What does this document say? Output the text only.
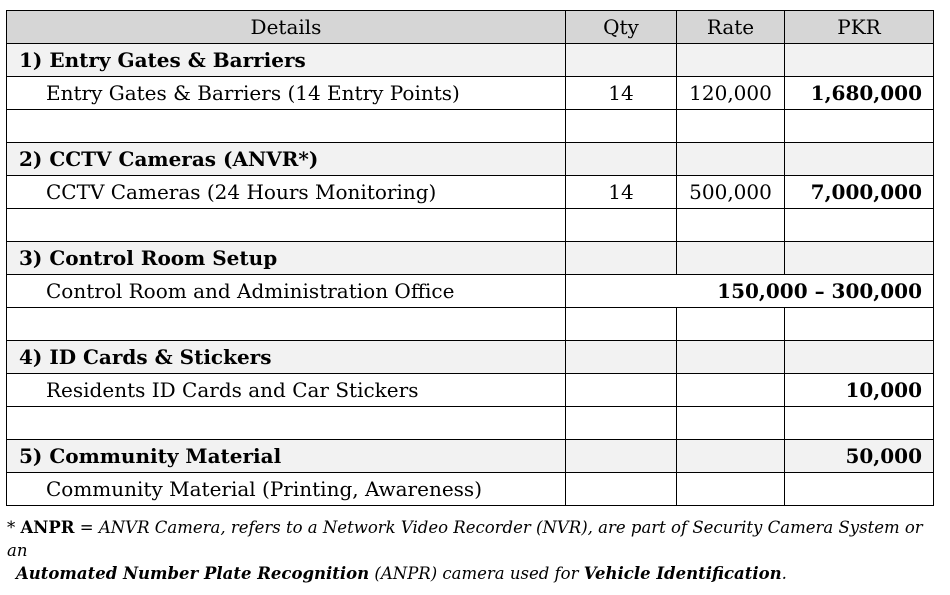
Details	Qty	Rate	PKR
1) Entry Gates & Barriers			
Entry Gates & Barriers (14 Entry Points)	14	120,000	1,680,000

2) CCTV Cameras (ANVR*)			
CCTV Cameras (24 Hours Monitoring)	14	500,000	7,000,000

3) Control Room Setup			
Control Room and Administration Office	150,000 – 300,000		

4) ID Cards & Stickers			
Residents ID Cards and Car Stickers			10,000

5) Community Material			50,000
Community Material (Printing, Awareness)			
* ANPR = ANVR Camera, refers to a Network Video Recorder (NVR), are part of Security Camera System or an
Automated Number Plate Recognition (ANPR) camera used for Vehicle Identification.
